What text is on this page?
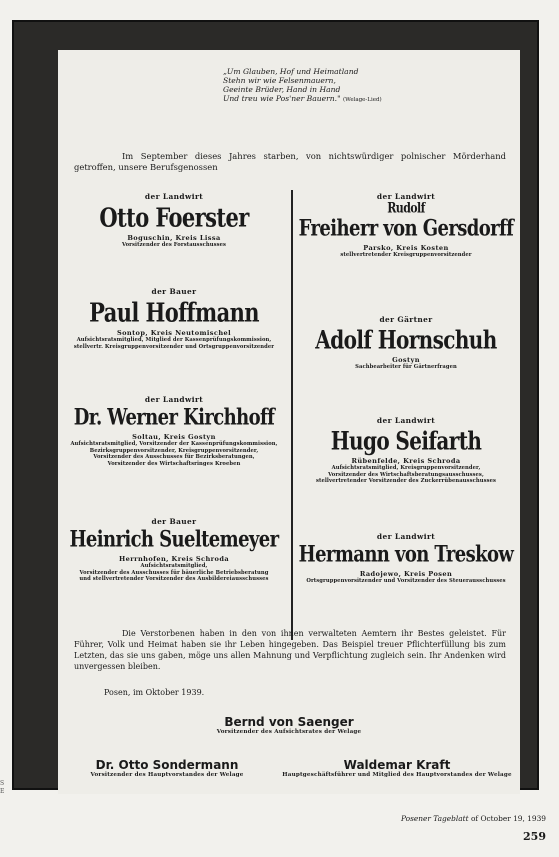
„Um Glauben, Hof und Heimatland
Stehn wir wie Felsenmauern,
Geeinte Brüder, Hand in Hand
Und treu wie Pos'ner Bauern." (Welage-Lied)
Im September dieses Jahres starben, von nichtswürdiger polnischer Mörderhand getroffen, unsere Berufsgenossen
der Landwirt
Otto Foerster
Boguschin, Kreis Lissa
Vorsitzender des Forstausschusses
der Bauer
Paul Hoffmann
Sontop, Kreis Neutomischel
Aufsichtsratsmitglied, Mitglied der Kassenprüfungskommission,
stellvertr. Kreisgruppenvorsitzender und Ortsgruppenvorsitzender
der Landwirt
Dr. Werner Kirchhoff
Soltau, Kreis Gostyn
Aufsichtsratsmitglied, Vorsitzender der Kassenprüfungskommission,
Bezirksgruppenvorsitzender, Kreisgruppenvorsitzender,
Vorsitzender des Ausschusses für Bezirksberatungen,
Vorsitzender des Wirtschaftsringes Kroeben
der Bauer
Heinrich Sueltemeyer
Herrnhofen, Kreis Schroda
Aufsichtsratsmitglied,
Vorsitzender des Ausschusses für bäuerliche Betriebsberatung
und stellvertretender Vorsitzender des Ausbildereiausschusses
der Landwirt
Rudolf
Freiherr von Gersdorff
Parsko, Kreis Kosten
stellvertretender Kreisgruppenvorsitzender
der Gärtner
Adolf Hornschuh
Gostyn
Sachbearbeiter für Gärtnerfragen
der Landwirt
Hugo Seifarth
Rübenfelde, Kreis Schroda
Aufsichtsratsmitglied, Kreisgruppenvorsitzender,
Vorsitzender des Wirtschaftsberatungsausschusses,
stellvertretender Vorsitzender des Zuckerrübenausschusses
der Landwirt
Hermann von Treskow
Radojewo, Kreis Posen
Ortsgruppenvorsitzender und Vorsitzender des Steuerausschusses
Die Verstorbenen haben in den von ihnen verwalteten Aemtern ihr Bestes geleistet. Für Führer, Volk und Heimat haben sie ihr Leben hingegeben. Das Beispiel treuer Pflichterfüllung bis zum Letzten, das sie uns gaben, möge uns allen Mahnung und Verpflichtung zugleich sein. Ihr Andenken wird unvergessen bleiben.
Posen, im Oktober 1939.
Bernd von Saenger
Vorsitzender des Aufsichtsrates der Welage
Dr. Otto Sondermann
Vorsitzender des Hauptvorstandes der Welage
Waldemar Kraft
Hauptgeschäftsführer und Mitglied des Hauptvorstandes der Welage
S
E
Posener Tageblatt of October 19, 1939
259
